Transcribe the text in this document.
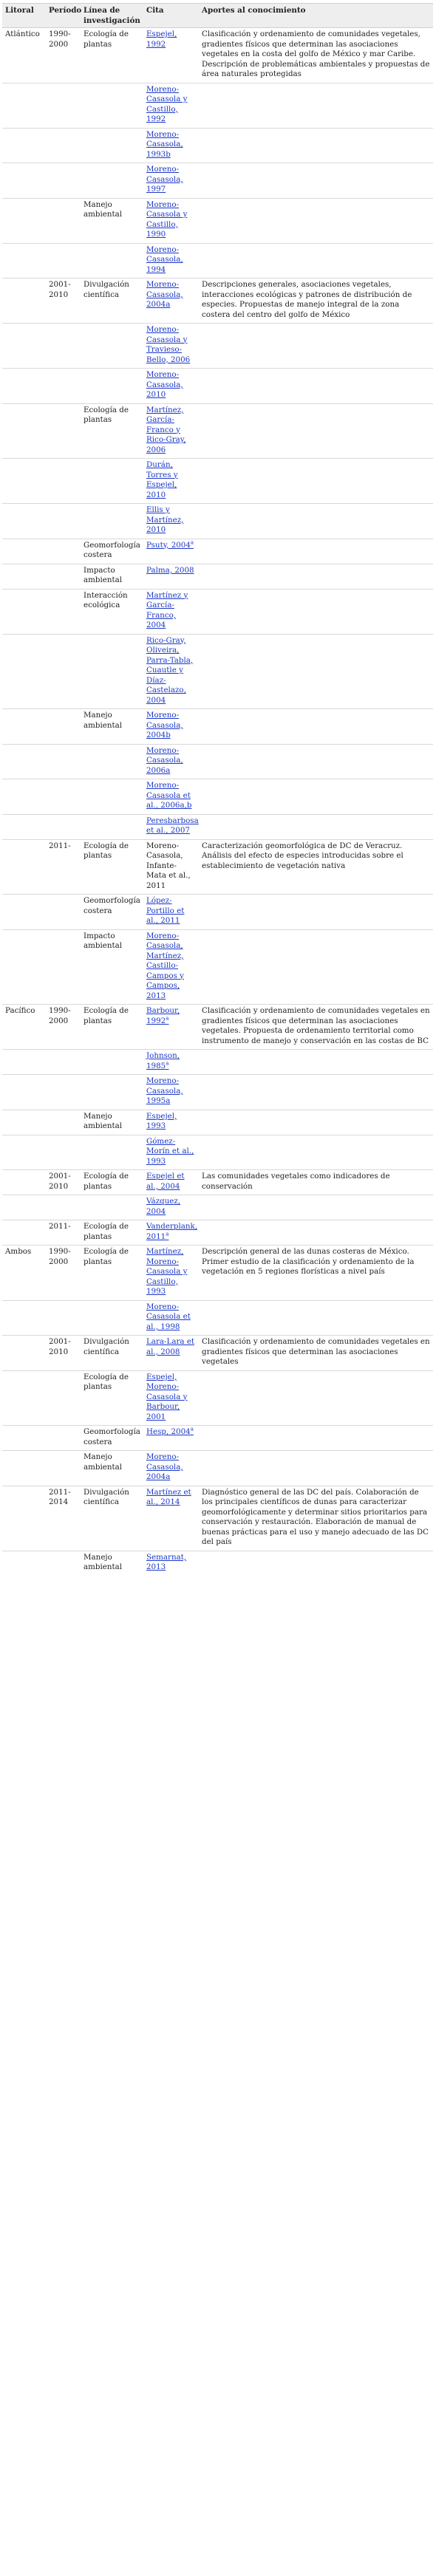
Litoral	Período	Línea de investigación	Cita	Aportes al conocimiento
Atlántico	1990-2000	Ecología de plantas	Espejel, 1992	Clasificación y ordenamiento de comunidades vegetales, gradientes físicos que determinan las asociaciones vegetales en la costa del golfo de México y mar Caribe. Descripción de problemáticas ambientales y propuestas de área naturales protegidas
			Moreno-Casasola y Castillo, 1992	
			Moreno-Casasola, 1993b	
			Moreno-Casasola, 1997	
		Manejo ambiental	Moreno-Casasola y Castillo, 1990	
			Moreno-Casasola, 1994	
	2001-2010	Divulgación científica	Moreno-Casasola, 2004a	Descripciones generales, asociaciones vegetales, interacciones ecológicas y patrones de distribución de especies. Propuestas de manejo integral de la zona costera del centro del golfo de México
			Moreno-Casasola y Travieso-Bello, 2006	
			Moreno-Casasola, 2010	
		Ecología de plantas	Martínez, García-Franco y Rico-Gray, 2006	
			Durán, Torres y Espejel, 2010	
			Ellis y Martínez, 2010	
		Geomorfología costera	Psuty, 2004$^a$	
		Impacto ambiental	Palma, 2008	
		Interacción ecológica	Martínez y García-Franco, 2004	
			Rico-Gray, Oliveira, Parra-Tabla, Cuautle y Díaz-Castelazo, 2004	
		Manejo ambiental	Moreno-Casasola, 2004b	
			Moreno-Casasola, 2006a	
			Moreno-Casasola et al., 2006a,b	
			Peresbarbosa et al., 2007	
	2011-	Ecología de plantas	Moreno-Casasola, Infante-Mata et al., 2011	Caracterización geomorfológica de DC de Veracruz. Análisis del efecto de especies introducidas sobre el establecimiento de vegetación nativa
		Geomorfología costera	López-Portillo et al., 2011	
		Impacto ambiental	Moreno-Casasola, Martínez, Castillo-Campos y Campos, 2013	
Pacífico	1990-2000	Ecología de plantas	Barbour, 1992$^a$	Clasificación y ordenamiento de comunidades vegetales en gradientes físicos que determinan las asociaciones vegetales. Propuesta de ordenamiento territorial como instrumento de manejo y conservación en las costas de BC
			Johnson, 1985$^a$	
			Moreno-Casasola, 1995a	
		Manejo ambiental	Espejel, 1993	
			Gómez-Morín et al., 1993	
	2001-2010	Ecología de plantas	Espejel et al., 2004	Las comunidades vegetales como indicadores de conservación
			Vázquez, 2004	
	2011-	Ecología de plantas	Vanderplank, 2011$^a$	
Ambos	1990-2000	Ecología de plantas	Martínez, Moreno-Casasola y Castillo, 1993	Descripción general de las dunas costeras de México. Primer estudio de la clasificación y ordenamiento de la vegetación en 5 regiones florísticas a nivel país
			Moreno-Casasola et al., 1998	
	2001-2010	Divulgación científica	Lara-Lara et al., 2008	Clasificación y ordenamiento de comunidades vegetales en gradientes físicos que determinan las asociaciones vegetales
		Ecología de plantas	Espejel, Moreno-Casasola y Barbour, 2001	
		Geomorfología costera	Hesp, 2004$^a$	
		Manejo ambiental	Moreno-Casasola, 2004a	
	2011-2014	Divulgación científica	Martínez et al., 2014	Diagnóstico general de las DC del país. Colaboración de los principales científicos de dunas para caracterizar geomorfológicamente y determinar sitios prioritarios para conservación y restauración. Elaboración de manual de buenas prácticas para el uso y manejo adecuado de las DC del país
		Manejo ambiental	Semarnat, 2013	
